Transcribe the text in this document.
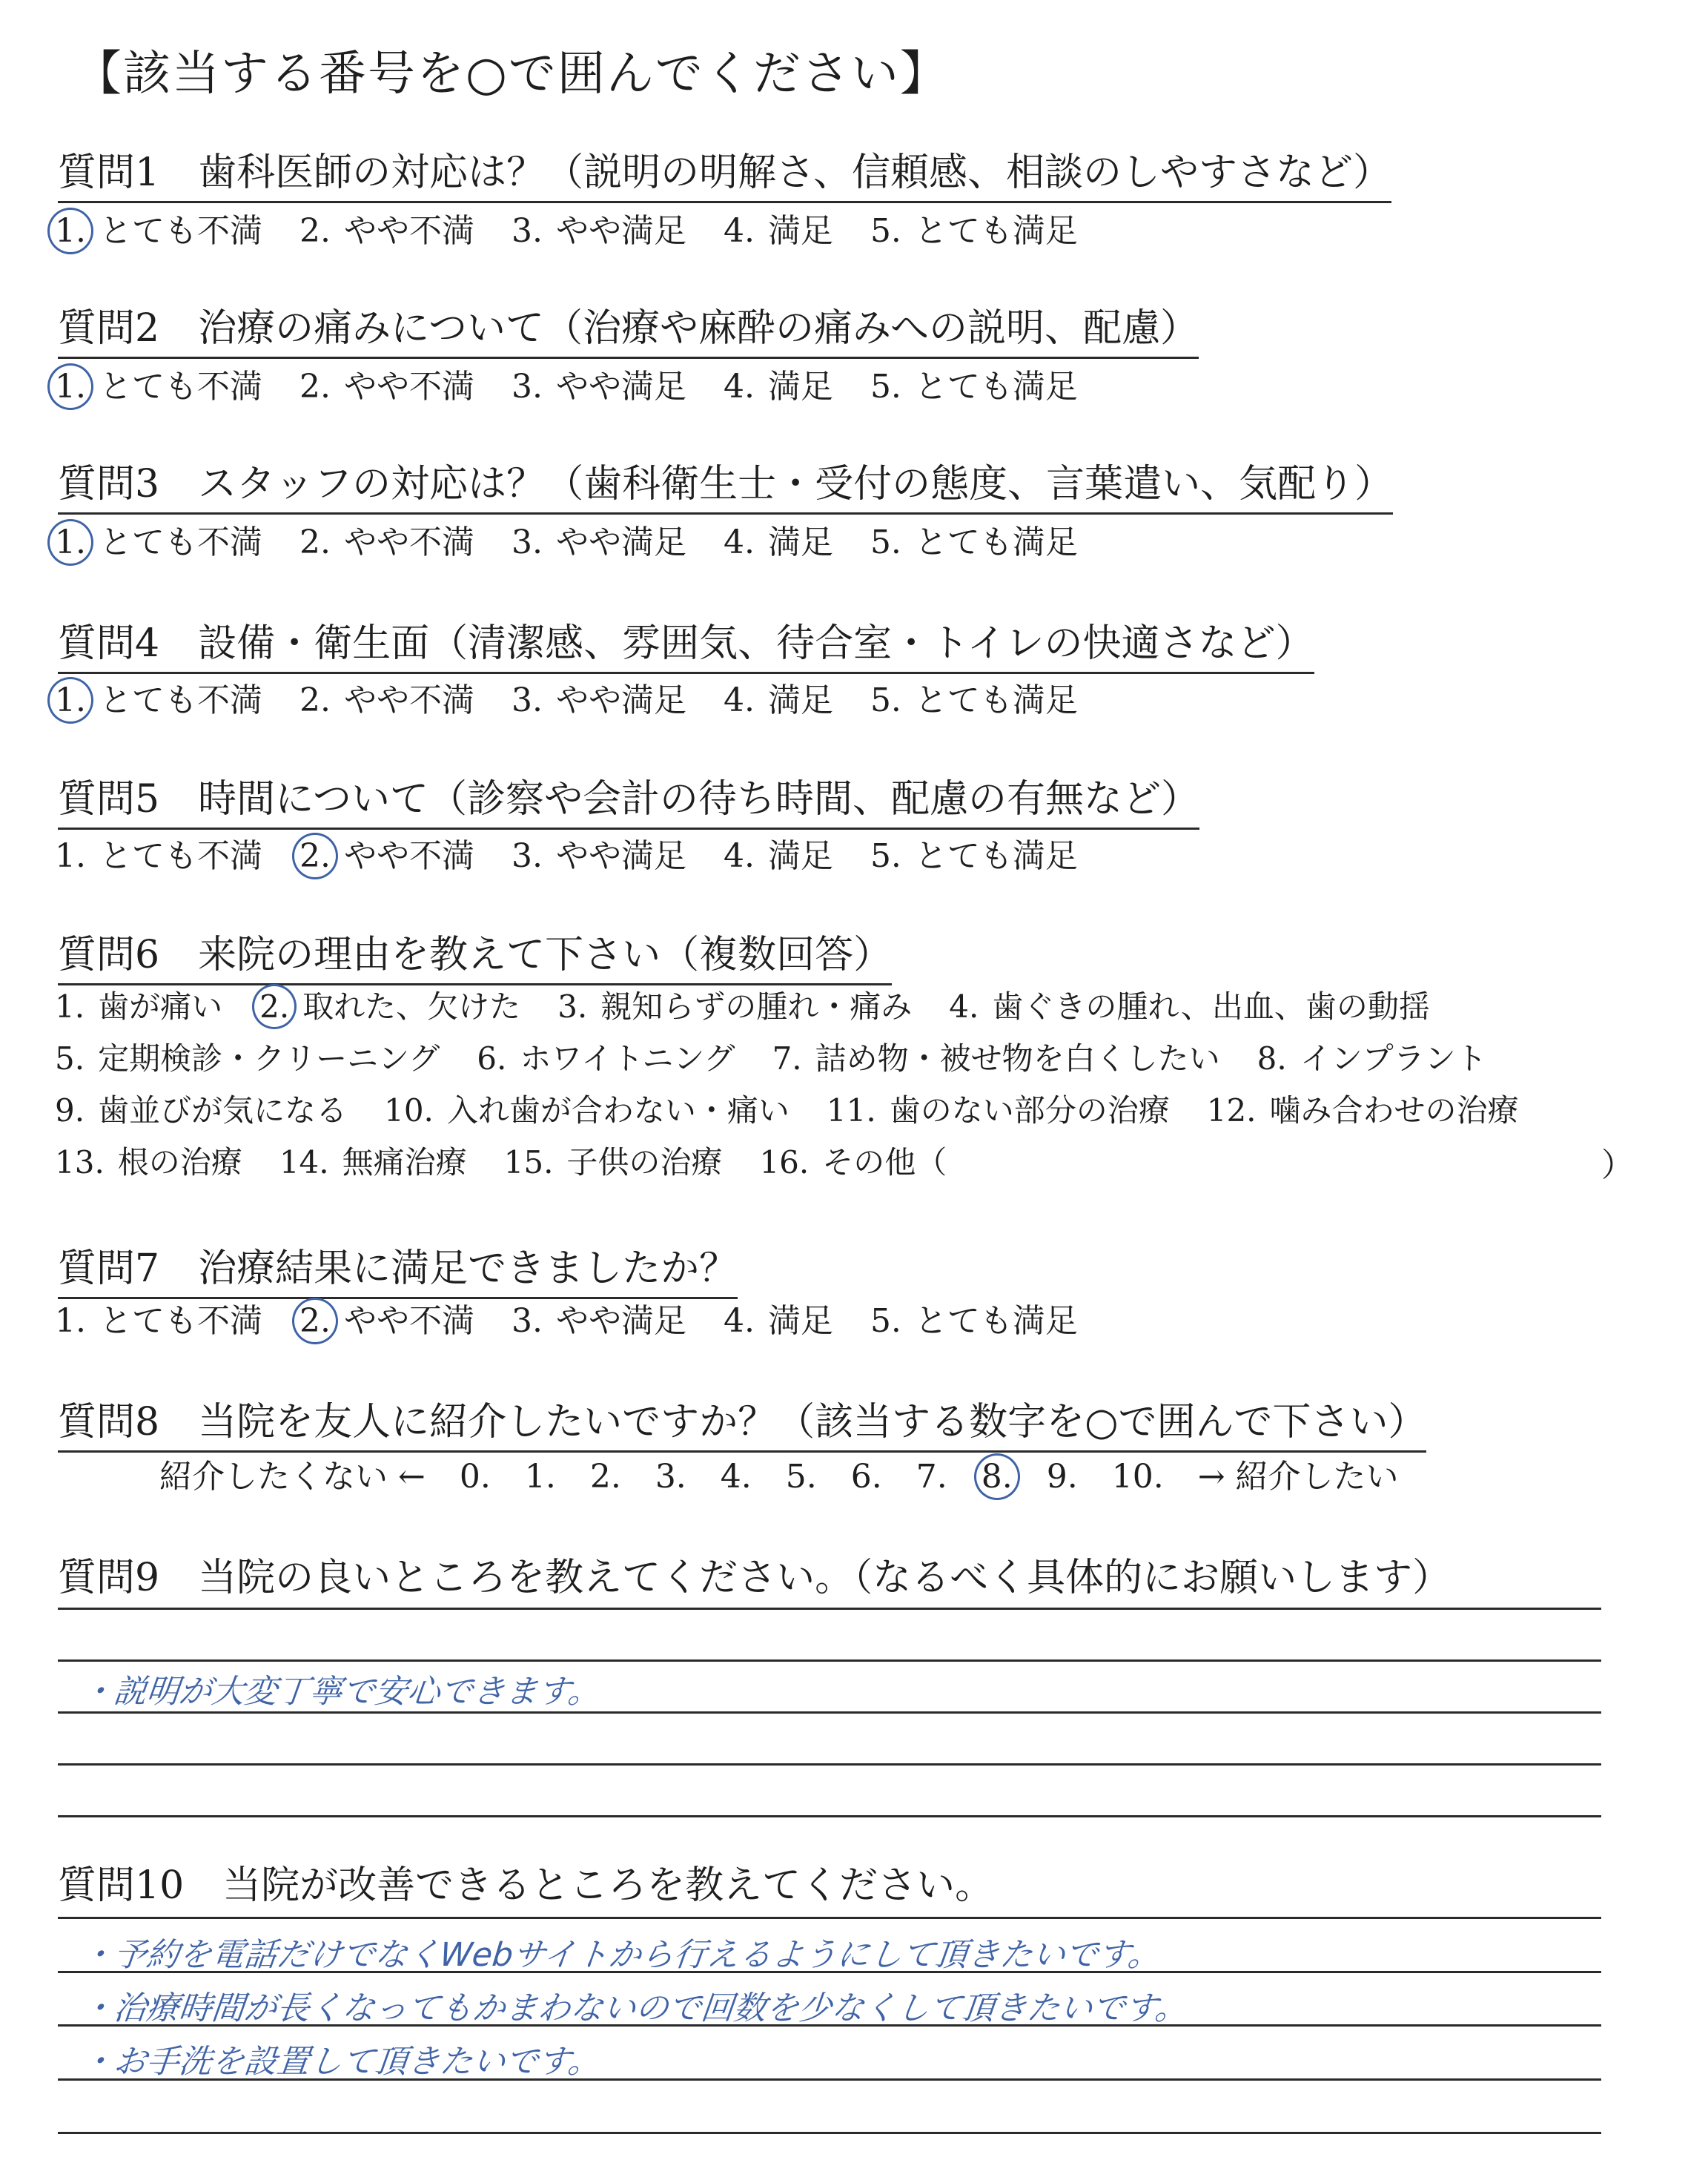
【該当する番号を○で囲んでください】
質問1　歯科医師の対応は？（説明の明解さ、信頼感、相談のしやすさなど）
1. とても不満 2. やや不満 3. やや満足 4. 満足 5. とても満足
質問2　治療の痛みについて（治療や麻酔の痛みへの説明、配慮）
1. とても不満 2. やや不満 3. やや満足 4. 満足 5. とても満足
質問3　スタッフの対応は？（歯科衛生士・受付の態度、言葉遣い、気配り）
1. とても不満 2. やや不満 3. やや満足 4. 満足 5. とても満足
質問4　設備・衛生面（清潔感、雰囲気、待合室・トイレの快適さなど）
1. とても不満 2. やや不満 3. やや満足 4. 満足 5. とても満足
質問5　時間について（診察や会計の待ち時間、配慮の有無など）
1. とても不満 2. やや不満 3. やや満足 4. 満足 5. とても満足
質問6　来院の理由を教えて下さい（複数回答）
1. 歯が痛い 2. 取れた、欠けた 3. 親知らずの腫れ・痛み 4. 歯ぐきの腫れ、出血、歯の動揺
5. 定期検診・クリーニング 6. ホワイトニング 7. 詰め物・被せ物を白くしたい 8. インプラント
9. 歯並びが気になる 10. 入れ歯が合わない・痛い 11. 歯のない部分の治療 12. 噛み合わせの治療
13. 根の治療 14. 無痛治療 15. 子供の治療 16. その他（	）
質問7　治療結果に満足できましたか？
1. とても不満 2. やや不満 3. やや満足 4. 満足 5. とても満足
質問8　当院を友人に紹介したいですか？（該当する数字を○で囲んで下さい）
紹介したくない ← 0. 1. 2. 3. 4. 5. 6. 7. 8. 9. 10. → 紹介したい
質問9　当院の良いところを教えてください。（なるべく具体的にお願いします）
・説明が大変丁寧で安心できます。
質問10　当院が改善できるところを教えてください。
・予約を電話だけでなくWebサイトから行えるようにして頂きたいです。
・治療時間が長くなってもかまわないので回数を少なくして頂きたいです。
・お手洗を設置して頂きたいです。
